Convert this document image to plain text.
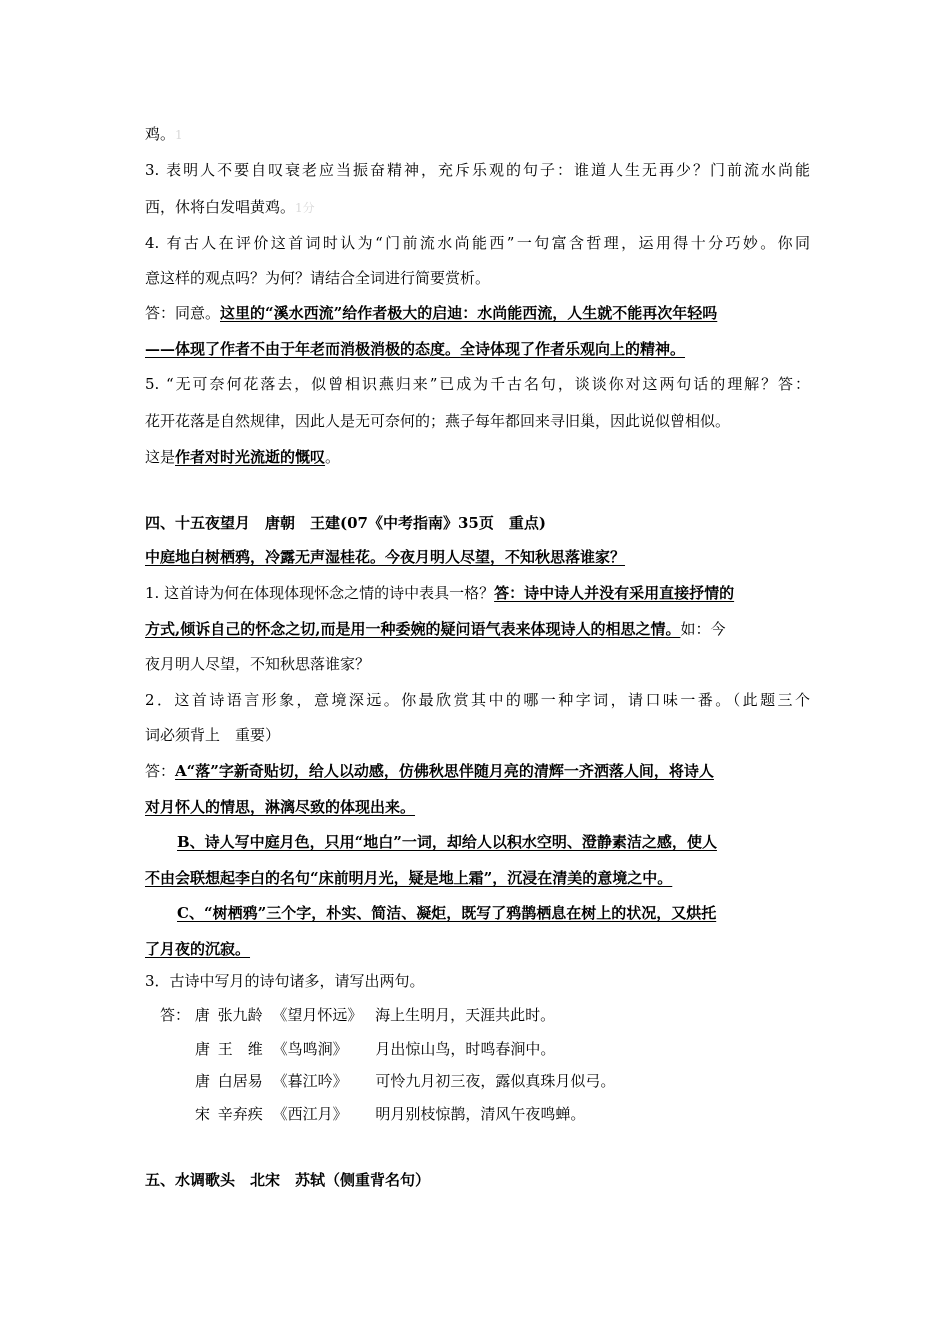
鸡。1
3. 表明人不要自叹衰老应当振奋精神，充斥乐观的句子：谁道人生无再少？门前流水尚能
西，休将白发唱黄鸡。1分
4. 有古人在评价这首词时认为“门前流水尚能西”一句富含哲理，运用得十分巧妙。你同
意这样的观点吗？为何？请结合全词进行简要赏析。
答：同意。这里的“溪水西流”给作者极大的启迪：水尚能西流，人生就不能再次年轻吗
——体现了作者不由于年老而消极消极的态度。全诗体现了作者乐观向上的精神。
5. “无可奈何花落去，似曾相识燕归来”已成为千古名句，谈谈你对这两句话的理解？答：
花开花落是自然规律，因此人是无可奈何的；燕子每年都回来寻旧巢，因此说似曾相似。
这是作者对时光流逝的慨叹。
四、十五夜望月　唐朝　王建(07《中考指南》35页　重点)
中庭地白树栖鸦，冷露无声湿桂花。今夜月明人尽望，不知秋思落谁家？
1. 这首诗为何在体现体现怀念之情的诗中表具一格？答：诗中诗人并没有采用直接抒情的
方式,倾诉自己的怀念之切,而是用一种委婉的疑问语气表来体现诗人的相思之情。如：今
夜月明人尽望，不知秋思落谁家？
2．这首诗语言形象，意境深远。你最欣赏其中的哪一种字词，请口味一番。（此题三个
词必须背上　重要）
答：A“落”字新奇贴切，给人以动感，仿佛秋思伴随月亮的清辉一齐洒落人间，将诗人
对月怀人的情思，淋漓尽致的体现出来。
B、诗人写中庭月色，只用“地白”一词，却给人以积水空明、澄静素洁之感，使人
不由会联想起李白的名句“床前明月光，疑是地上霜”，沉浸在清美的意境之中。
C、“树栖鸦”三个字，朴实、简洁、凝炬，既写了鸦鹊栖息在树上的状况，又烘托
了月夜的沉寂。
3．古诗中写月的诗句诸多，请写出两句。
答： 唐 张九龄 《望月怀远》 海上生明月，天涯共此时。
唐 王　维 《鸟鸣涧》 月出惊山鸟，时鸣春涧中。
唐 白居易 《暮江吟》 可怜九月初三夜，露似真珠月似弓。
宋 辛弃疾 《西江月》 明月别枝惊鹊，清风午夜鸣蝉。
五、水调歌头　北宋　苏轼（侧重背名句）
